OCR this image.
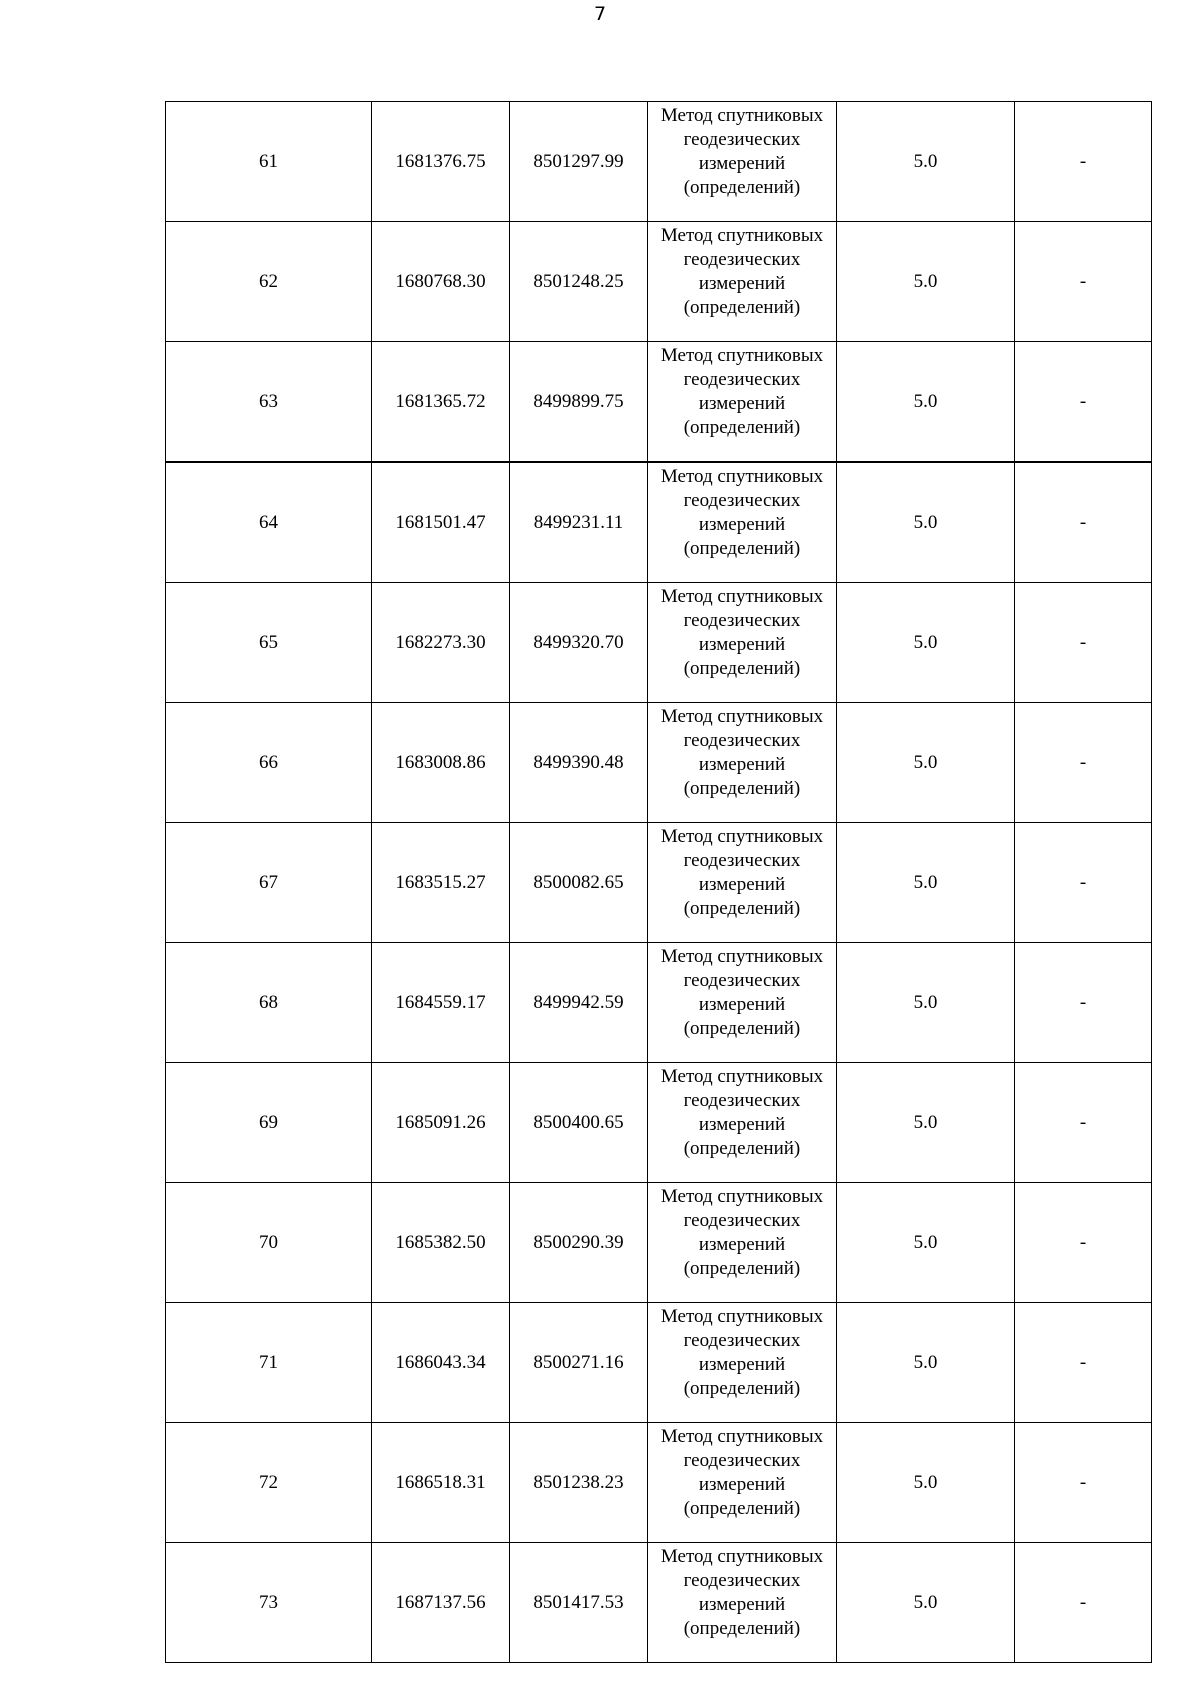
7
61	1681376.75	8501297.99	Метод спутниковых
геодезических
измерений
(определений)	5.0	-
62	1680768.30	8501248.25	Метод спутниковых
геодезических
измерений
(определений)	5.0	-
63	1681365.72	8499899.75	Метод спутниковых
геодезических
измерений
(определений)	5.0	-
64	1681501.47	8499231.11	Метод спутниковых
геодезических
измерений
(определений)	5.0	-
65	1682273.30	8499320.70	Метод спутниковых
геодезических
измерений
(определений)	5.0	-
66	1683008.86	8499390.48	Метод спутниковых
геодезических
измерений
(определений)	5.0	-
67	1683515.27	8500082.65	Метод спутниковых
геодезических
измерений
(определений)	5.0	-
68	1684559.17	8499942.59	Метод спутниковых
геодезических
измерений
(определений)	5.0	-
69	1685091.26	8500400.65	Метод спутниковых
геодезических
измерений
(определений)	5.0	-
70	1685382.50	8500290.39	Метод спутниковых
геодезических
измерений
(определений)	5.0	-
71	1686043.34	8500271.16	Метод спутниковых
геодезических
измерений
(определений)	5.0	-
72	1686518.31	8501238.23	Метод спутниковых
геодезических
измерений
(определений)	5.0	-
73	1687137.56	8501417.53	Метод спутниковых
геодезических
измерений
(определений)	5.0	-
